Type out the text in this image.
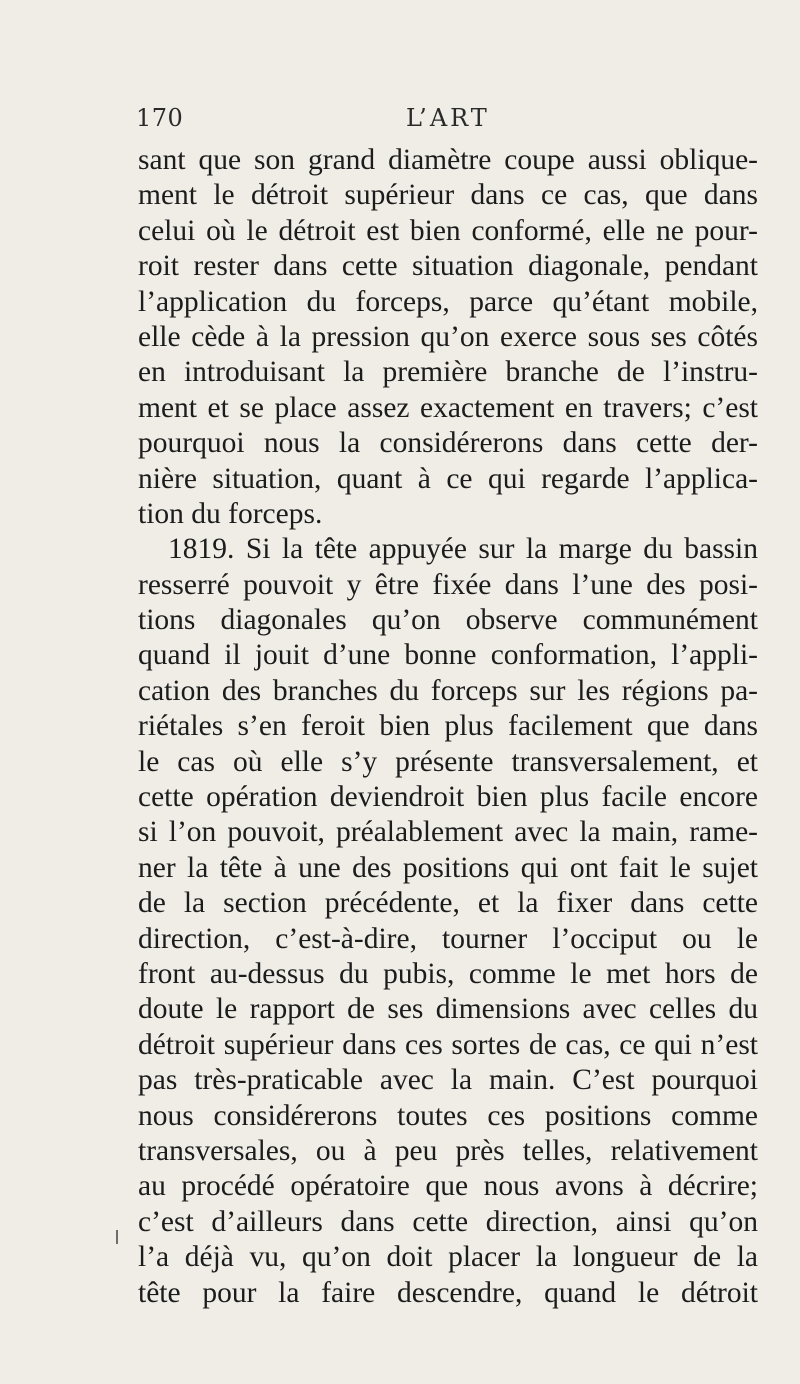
170	L’ART
sant que son grand diamètre coupe aussi oblique-
ment le détroit supérieur dans ce cas, que dans
celui où le détroit est bien conformé, elle ne pour-
roit rester dans cette situation diagonale, pendant
l’application du forceps, parce qu’étant mobile,
elle cède à la pression qu’on exerce sous ses côtés
en introduisant la première branche de l’instru-
ment et se place assez exactement en travers; c’est
pourquoi nous la considérerons dans cette der-
nière situation, quant à ce qui regarde l’applica-
tion du forceps.
1819. Si la tête appuyée sur la marge du bassin
resserré pouvoit y être fixée dans l’une des posi-
tions diagonales qu’on observe communément
quand il jouit d’une bonne conformation, l’appli-
cation des branches du forceps sur les régions pa-
riétales s’en feroit bien plus facilement que dans
le cas où elle s’y présente transversalement, et
cette opération deviendroit bien plus facile encore
si l’on pouvoit, préalablement avec la main, rame-
ner la tête à une des positions qui ont fait le sujet
de la section précédente, et la fixer dans cette
direction, c’est-à-dire, tourner l’occiput ou le
front au-dessus du pubis, comme le met hors de
doute le rapport de ses dimensions avec celles du
détroit supérieur dans ces sortes de cas, ce qui n’est
pas très-praticable avec la main. C’est pourquoi
nous considérerons toutes ces positions comme
transversales, ou à peu près telles, relativement
au procédé opératoire que nous avons à décrire;
c’est d’ailleurs dans cette direction, ainsi qu’on
l’a déjà vu, qu’on doit placer la longueur de la
tête pour la faire descendre, quand le détroit
